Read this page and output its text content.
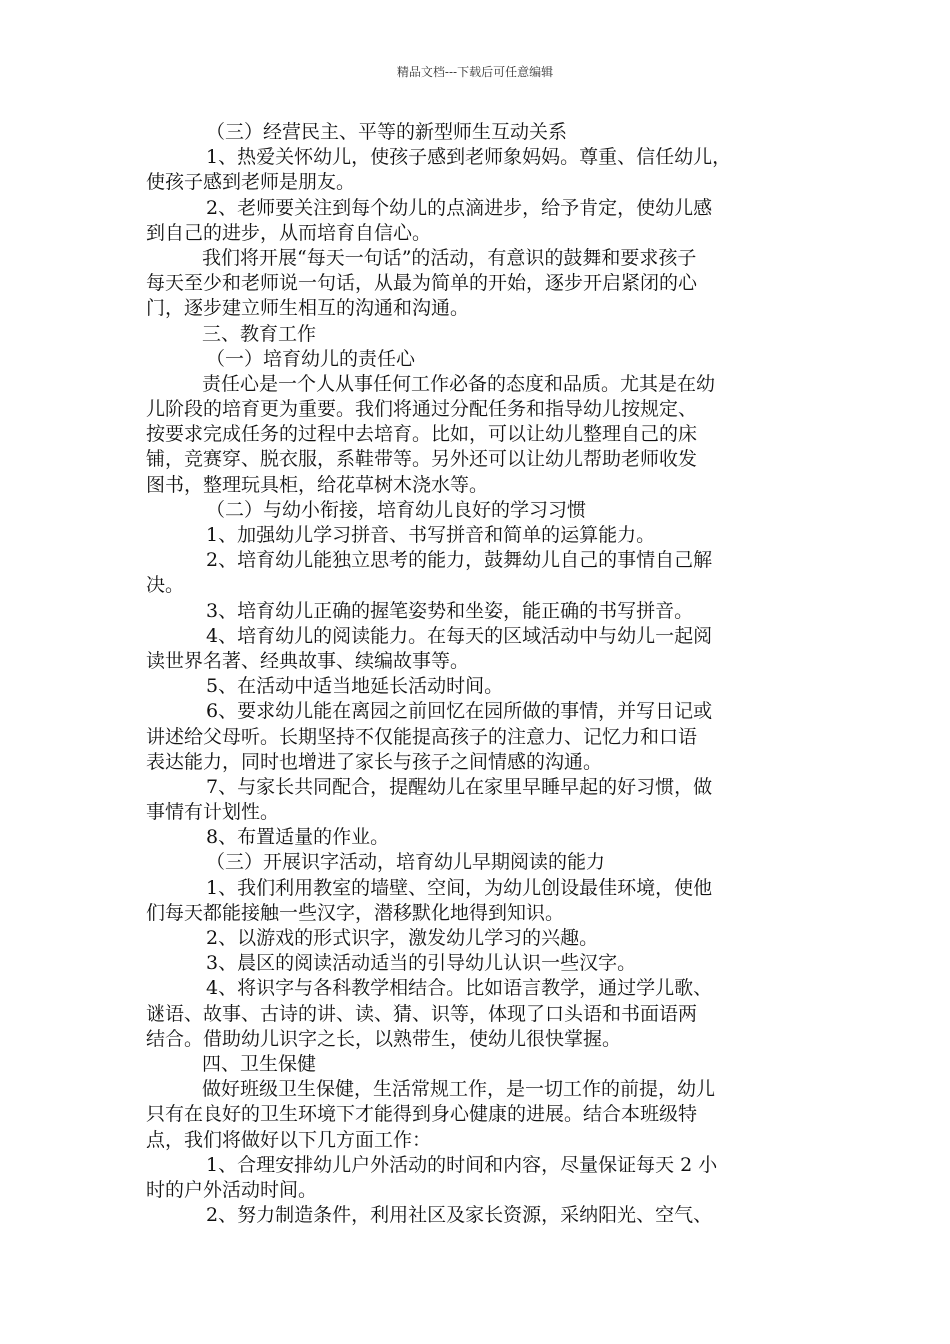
精品文档---下载后可任意编辑
（三）经营民主、平等的新型师生互动关系
1、热爱关怀幼儿，使孩子感到老师象妈妈。尊重、信任幼儿，
使孩子感到老师是朋友。
2、老师要关注到每个幼儿的点滴进步，给予肯定，使幼儿感
到自己的进步，从而培育自信心。
我们将开展“每天一句话”的活动，有意识的鼓舞和要求孩子
每天至少和老师说一句话，从最为简单的开始，逐步开启紧闭的心
门，逐步建立师生相互的沟通和沟通。
三、教育工作
（一）培育幼儿的责任心
责任心是一个人从事任何工作必备的态度和品质。尤其是在幼
儿阶段的培育更为重要。我们将通过分配任务和指导幼儿按规定、
按要求完成任务的过程中去培育。比如，可以让幼儿整理自己的床
铺，竞赛穿、脱衣服，系鞋带等。另外还可以让幼儿帮助老师收发
图书，整理玩具柜，给花草树木浇水等。
（二）与幼小衔接，培育幼儿良好的学习习惯
1、加强幼儿学习拼音、书写拼音和简单的运算能力。
2、培育幼儿能独立思考的能力，鼓舞幼儿自己的事情自己解
决。
3、培育幼儿正确的握笔姿势和坐姿，能正确的书写拼音。
4、培育幼儿的阅读能力。在每天的区域活动中与幼儿一起阅
读世界名著、经典故事、续编故事等。
5、在活动中适当地延长活动时间。
6、要求幼儿能在离园之前回忆在园所做的事情，并写日记或
讲述给父母听。长期坚持不仅能提高孩子的注意力、记忆力和口语
表达能力，同时也增进了家长与孩子之间情感的沟通。
7、与家长共同配合，提醒幼儿在家里早睡早起的好习惯，做
事情有计划性。
8、布置适量的作业。
（三）开展识字活动，培育幼儿早期阅读的能力
1、我们利用教室的墙壁、空间，为幼儿创设最佳环境，使他
们每天都能接触一些汉字，潜移默化地得到知识。
2、以游戏的形式识字，激发幼儿学习的兴趣。
3、晨区的阅读活动适当的引导幼儿认识一些汉字。
4、将识字与各科教学相结合。比如语言教学，通过学儿歌、
谜语、故事、古诗的讲、读、猜、识等，体现了口头语和书面语两
结合。借助幼儿识字之长，以熟带生，使幼儿很快掌握。
四、卫生保健
做好班级卫生保健，生活常规工作，是一切工作的前提，幼儿
只有在良好的卫生环境下才能得到身心健康的进展。结合本班级特
点，我们将做好以下几方面工作：
1、合理安排幼儿户外活动的时间和内容，尽量保证每天 2 小
时的户外活动时间。
2、努力制造条件，利用社区及家长资源，采纳阳光、空气、
